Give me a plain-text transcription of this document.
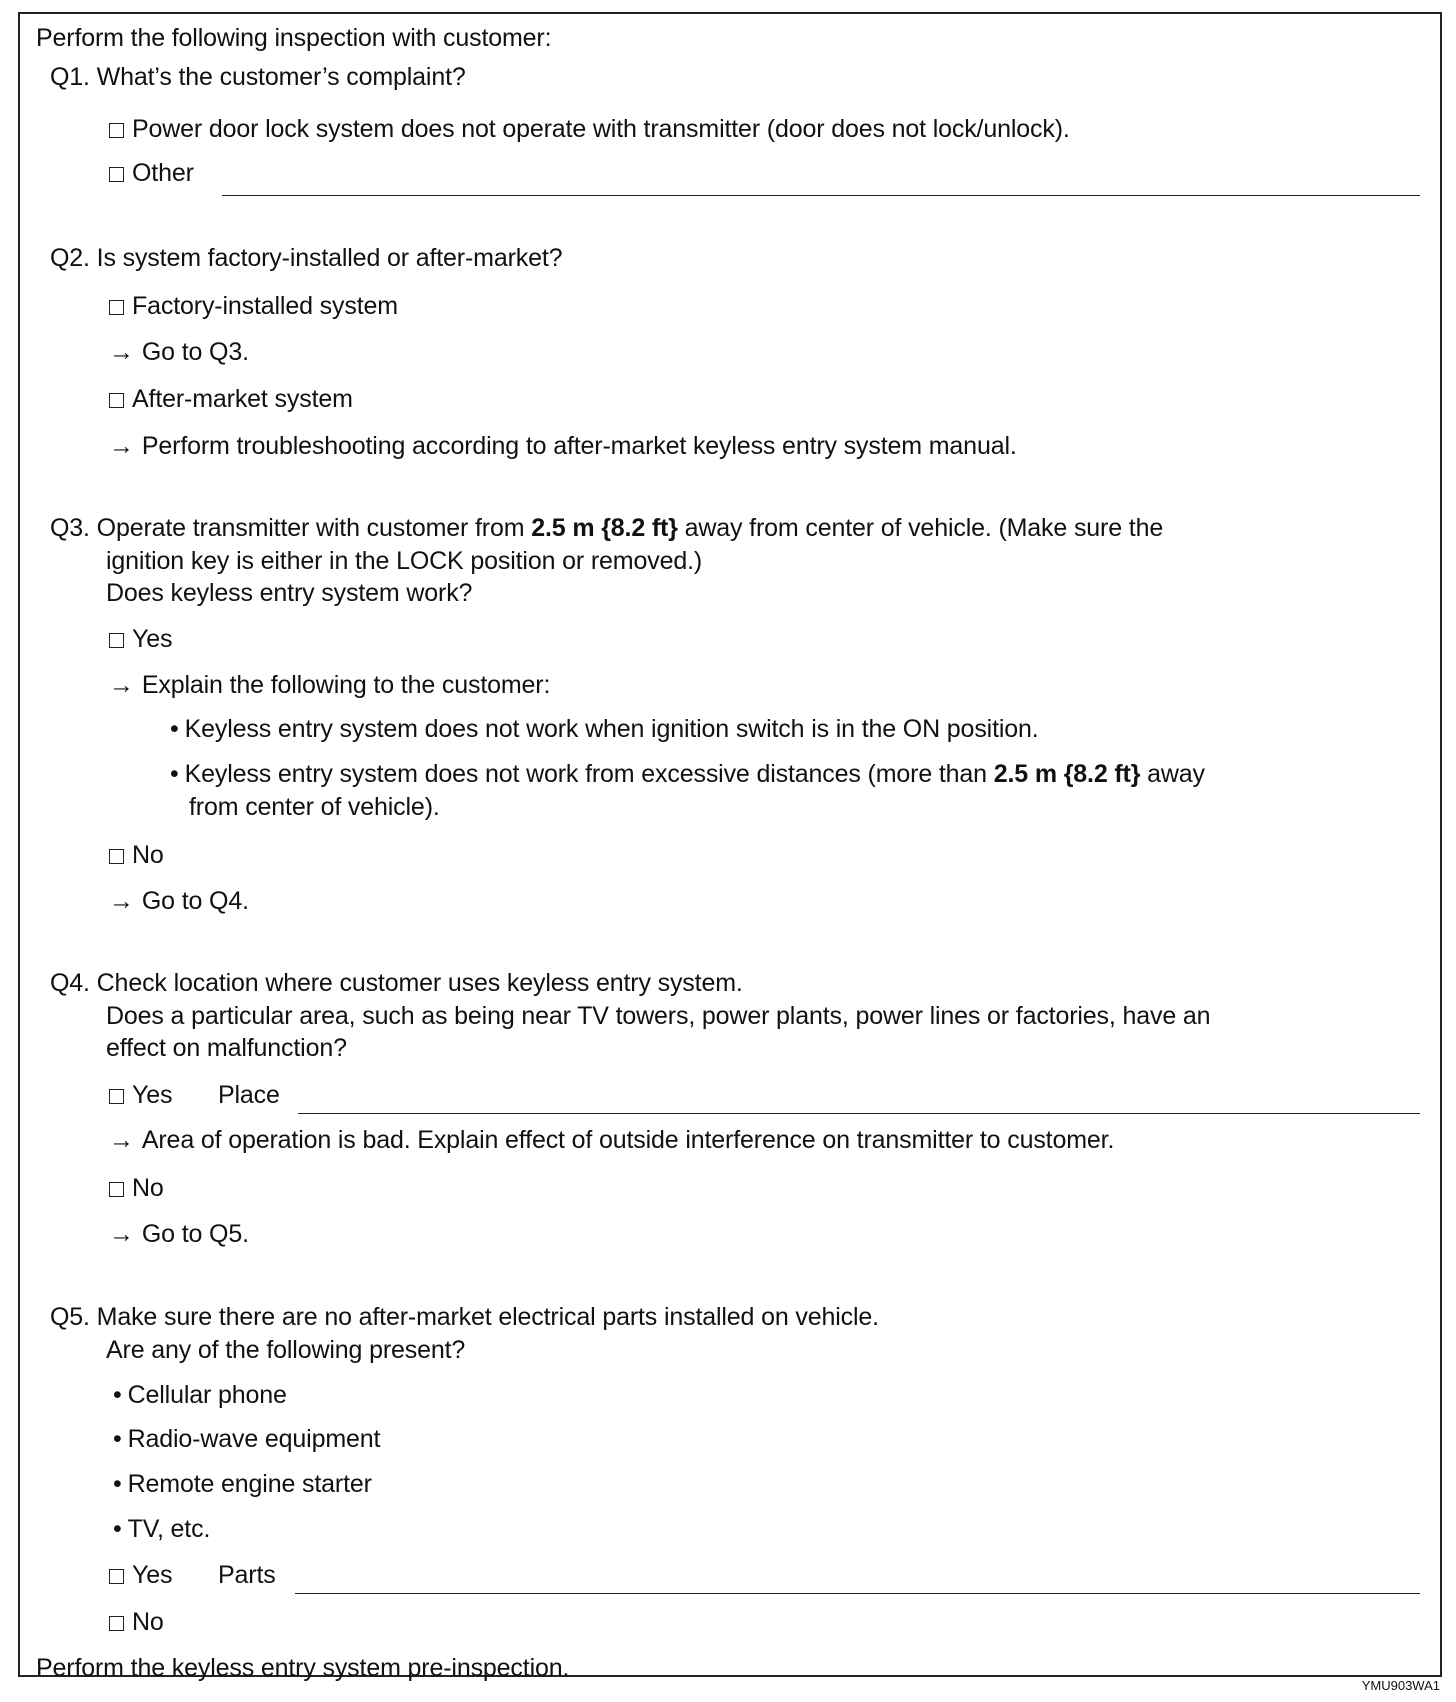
Perform the following inspection with customer:
Q1. What’s the customer’s complaint?
Power door lock system does not operate with transmitter (door does not lock/unlock).
Other
Q2. Is system factory-installed or after-market?
Factory-installed system
→ Go to Q3.
After-market system
→ Perform troubleshooting according to after-market keyless entry system manual.
Q3. Operate transmitter with customer from 2.5 m {8.2 ft} away from center of vehicle. (Make sure the
ignition key is either in the LOCK position or removed.)
Does keyless entry system work?
Yes
→ Explain the following to the customer:
• Keyless entry system does not work when ignition switch is in the ON position.
• Keyless entry system does not work from excessive distances (more than 2.5 m {8.2 ft} away
from center of vehicle).
No
→ Go to Q4.
Q4. Check location where customer uses keyless entry system.
Does a particular area, such as being near TV towers, power plants, power lines or factories, have an
effect on malfunction?
Yes Place
→ Area of operation is bad. Explain effect of outside interference on transmitter to customer.
No
→ Go to Q5.
Q5. Make sure there are no after-market electrical parts installed on vehicle.
Are any of the following present?
• Cellular phone
• Radio-wave equipment
• Remote engine starter
• TV, etc.
Yes Parts
No
Perform the keyless entry system pre-inspection.
YMU903WA1
